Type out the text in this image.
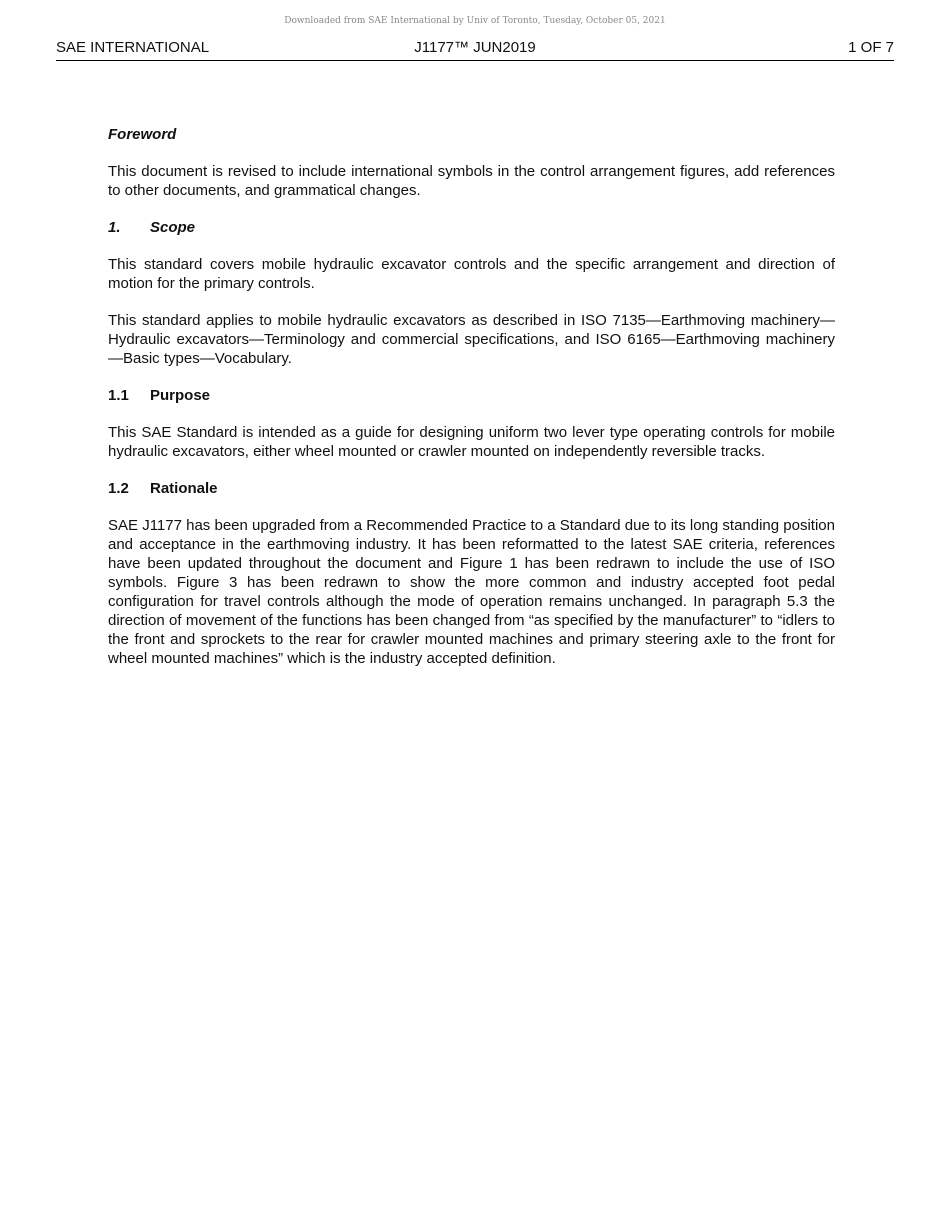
Downloaded from SAE International by Univ of Toronto, Tuesday, October 05, 2021
SAE INTERNATIONAL	J1177™ JUN2019	1 OF 7
Foreword

This document is revised to include international symbols in the control arrangement figures, add references to other documents, and grammatical changes.

1. Scope

This standard covers mobile hydraulic excavator controls and the specific arrangement and direction of motion for the primary controls.

This standard applies to mobile hydraulic excavators as described in ISO 7135—Earthmoving machinery—Hydraulic excavators—Terminology and commercial specifications, and ISO 6165—Earthmoving machinery—Basic types—Vocabulary.

1.1 Purpose

This SAE Standard is intended as a guide for designing uniform two lever type operating controls for mobile hydraulic excavators, either wheel mounted or crawler mounted on independently reversible tracks.

1.2 Rationale

SAE J1177 has been upgraded from a Recommended Practice to a Standard due to its long standing position and acceptance in the earthmoving industry. It has been reformatted to the latest SAE criteria, references have been updated throughout the document and Figure 1 has been redrawn to include the use of ISO symbols. Figure 3 has been redrawn to show the more common and industry accepted foot pedal configuration for travel controls although the mode of operation remains unchanged. In paragraph 5.3 the direction of movement of the functions has been changed from “as specified by the manufacturer” to “idlers to the front and sprockets to the rear for crawler mounted machines and primary steering axle to the front for wheel mounted machines” which is the industry accepted definition.
